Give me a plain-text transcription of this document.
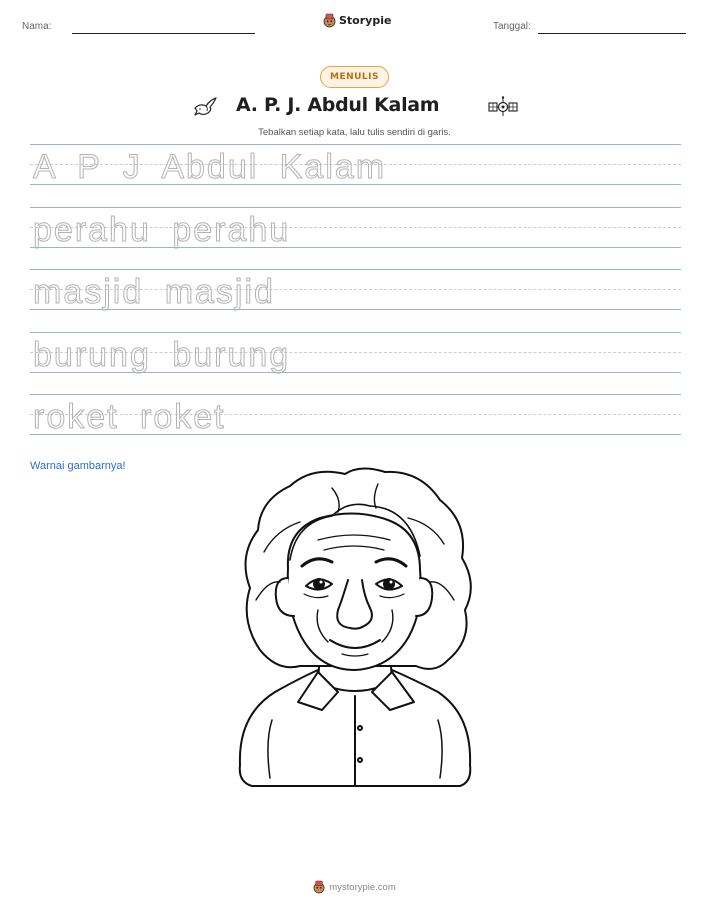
Nama:	Storypie	Tanggal:
MENULIS
A. P. J. Abdul Kalam
Tebalkan setiap kata, lalu tulis sendiri di garis.
A P J Abdul Kalam
perahu perahu
masjid masjid
burung burung
roket roket
Warnai gambarnya!
mystorypie.com
